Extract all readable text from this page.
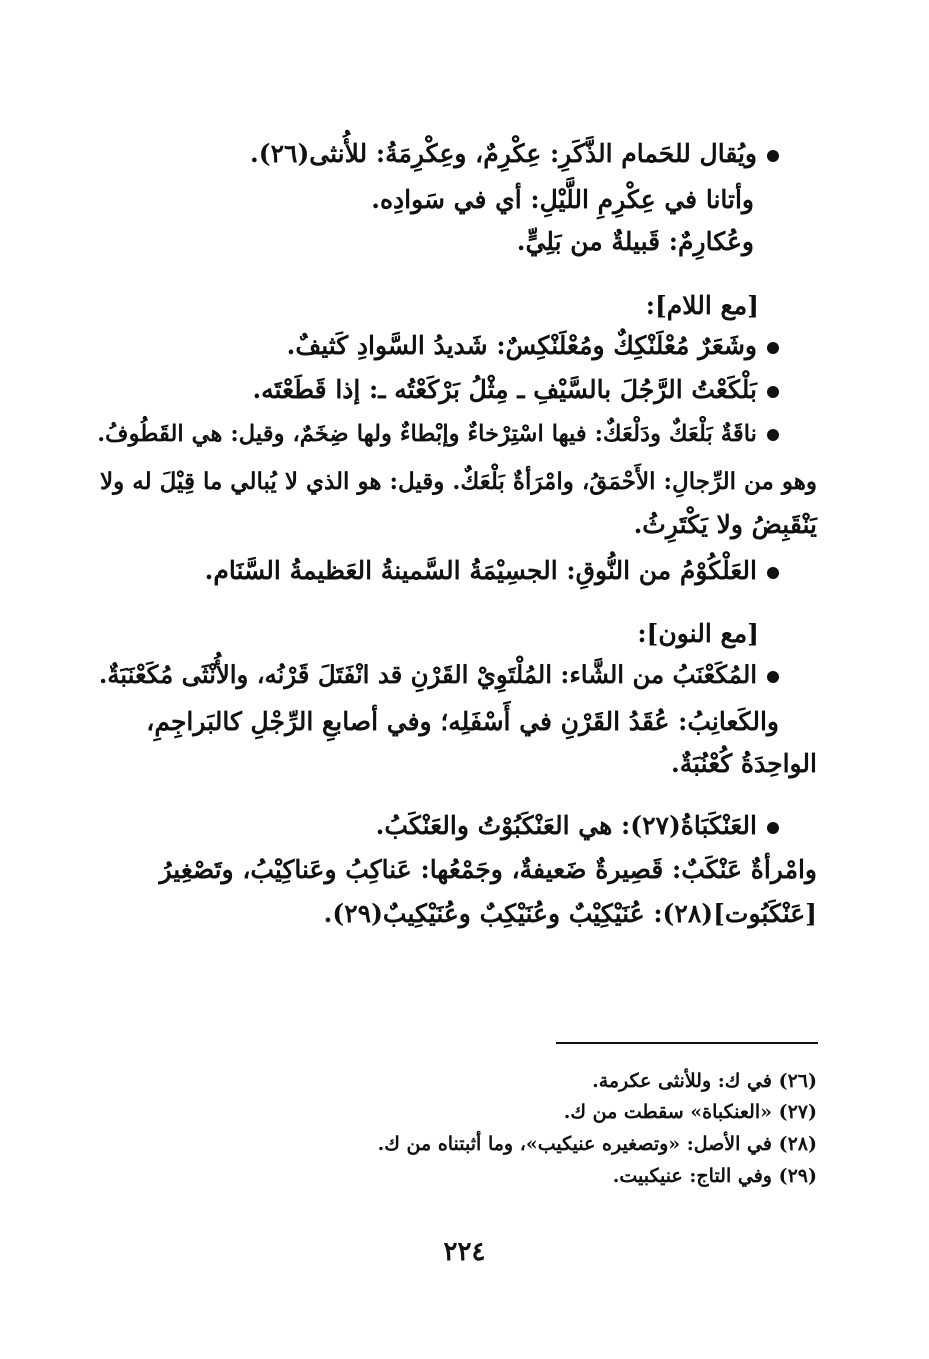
ويُقال للحَمام الذَّكَرِ: عِكْرِمٌ، وعِكْرِمَةُ: للأُنثى(٢٦).
وأتانا في عِكْرِمِ اللَّيْلِ: أي في سَوادِه.
وعُكارِمٌ: قَبيلةٌ من بَلِيٍّ.
[مع اللام]:
وشَعَرٌ مُعْلَنْكِكٌ ومُعْلَنْكِسٌ: شَديدُ السَّوادِ كَثيفٌ.
بَلْكَعْتُ الرَّجُلَ بالسَّيْفِ ـ مِثْلُ بَرْكَعْتُه ـ: إذا قَطَعْتَه.
ناقَةٌ بَلْعَكٌ ودَلْعَكٌ: فيها اسْتِرْخاءٌ وإبْطاءٌ ولها ضِخَمٌ، وقيل: هي القَطُوفُ.
وهو من الرِّجالِ: الأَحْمَقُ، وامْرَأةٌ بَلْعَكٌ. وقيل: هو الذي لا يُبالي ما قِيْلَ له ولا
يَنْقَبِضُ ولا يَكْتَرِثُ.
العَلْكُوْمُ من النُّوقِ: الجسِيْمَةُ السَّمينةُ العَظيمةُ السَّنَام.
[مع النون]:
المُكَعْنَبُ من الشَّاء: المُلْتَوِيْ القَرْنِ قد انْفَتَلَ قَرْنُه، والأُنْثَى مُكَعْنَبَةٌ.
والكَعانِبُ: عُقَدُ القَرْنِ في أَسْفَلِه؛ وفي أصابعِ الرِّجْلِ كالبَراجِمِ،
الواحِدَةُ كُعْنُبَةٌ.
العَنْكَبَاةُ(٢٧): هي العَنْكَبُوْتُ والعَنْكَبُ.
وامْرأةٌ عَنْكَبٌ: قَصِيرةٌ ضَعيفةٌ، وجَمْعُها: عَناكِبُ وعَناكِيْبُ، وتَصْغِيرُ
[عَنْكَبُوت](٢٨): عُنَيْكِيْبٌ وعُنَيْكِبٌ وعُنَيْكِيبٌ(٢٩).
(٢٦) في ك: وللأنثى عكرمة.
(٢٧) «العنكباة» سقطت من ك.
(٢٨) في الأصل: «وتصغيره عنيكيب»، وما أثبتناه من ك.
(٢٩) وفي التاج: عنيكبيت.
٢٢٤
